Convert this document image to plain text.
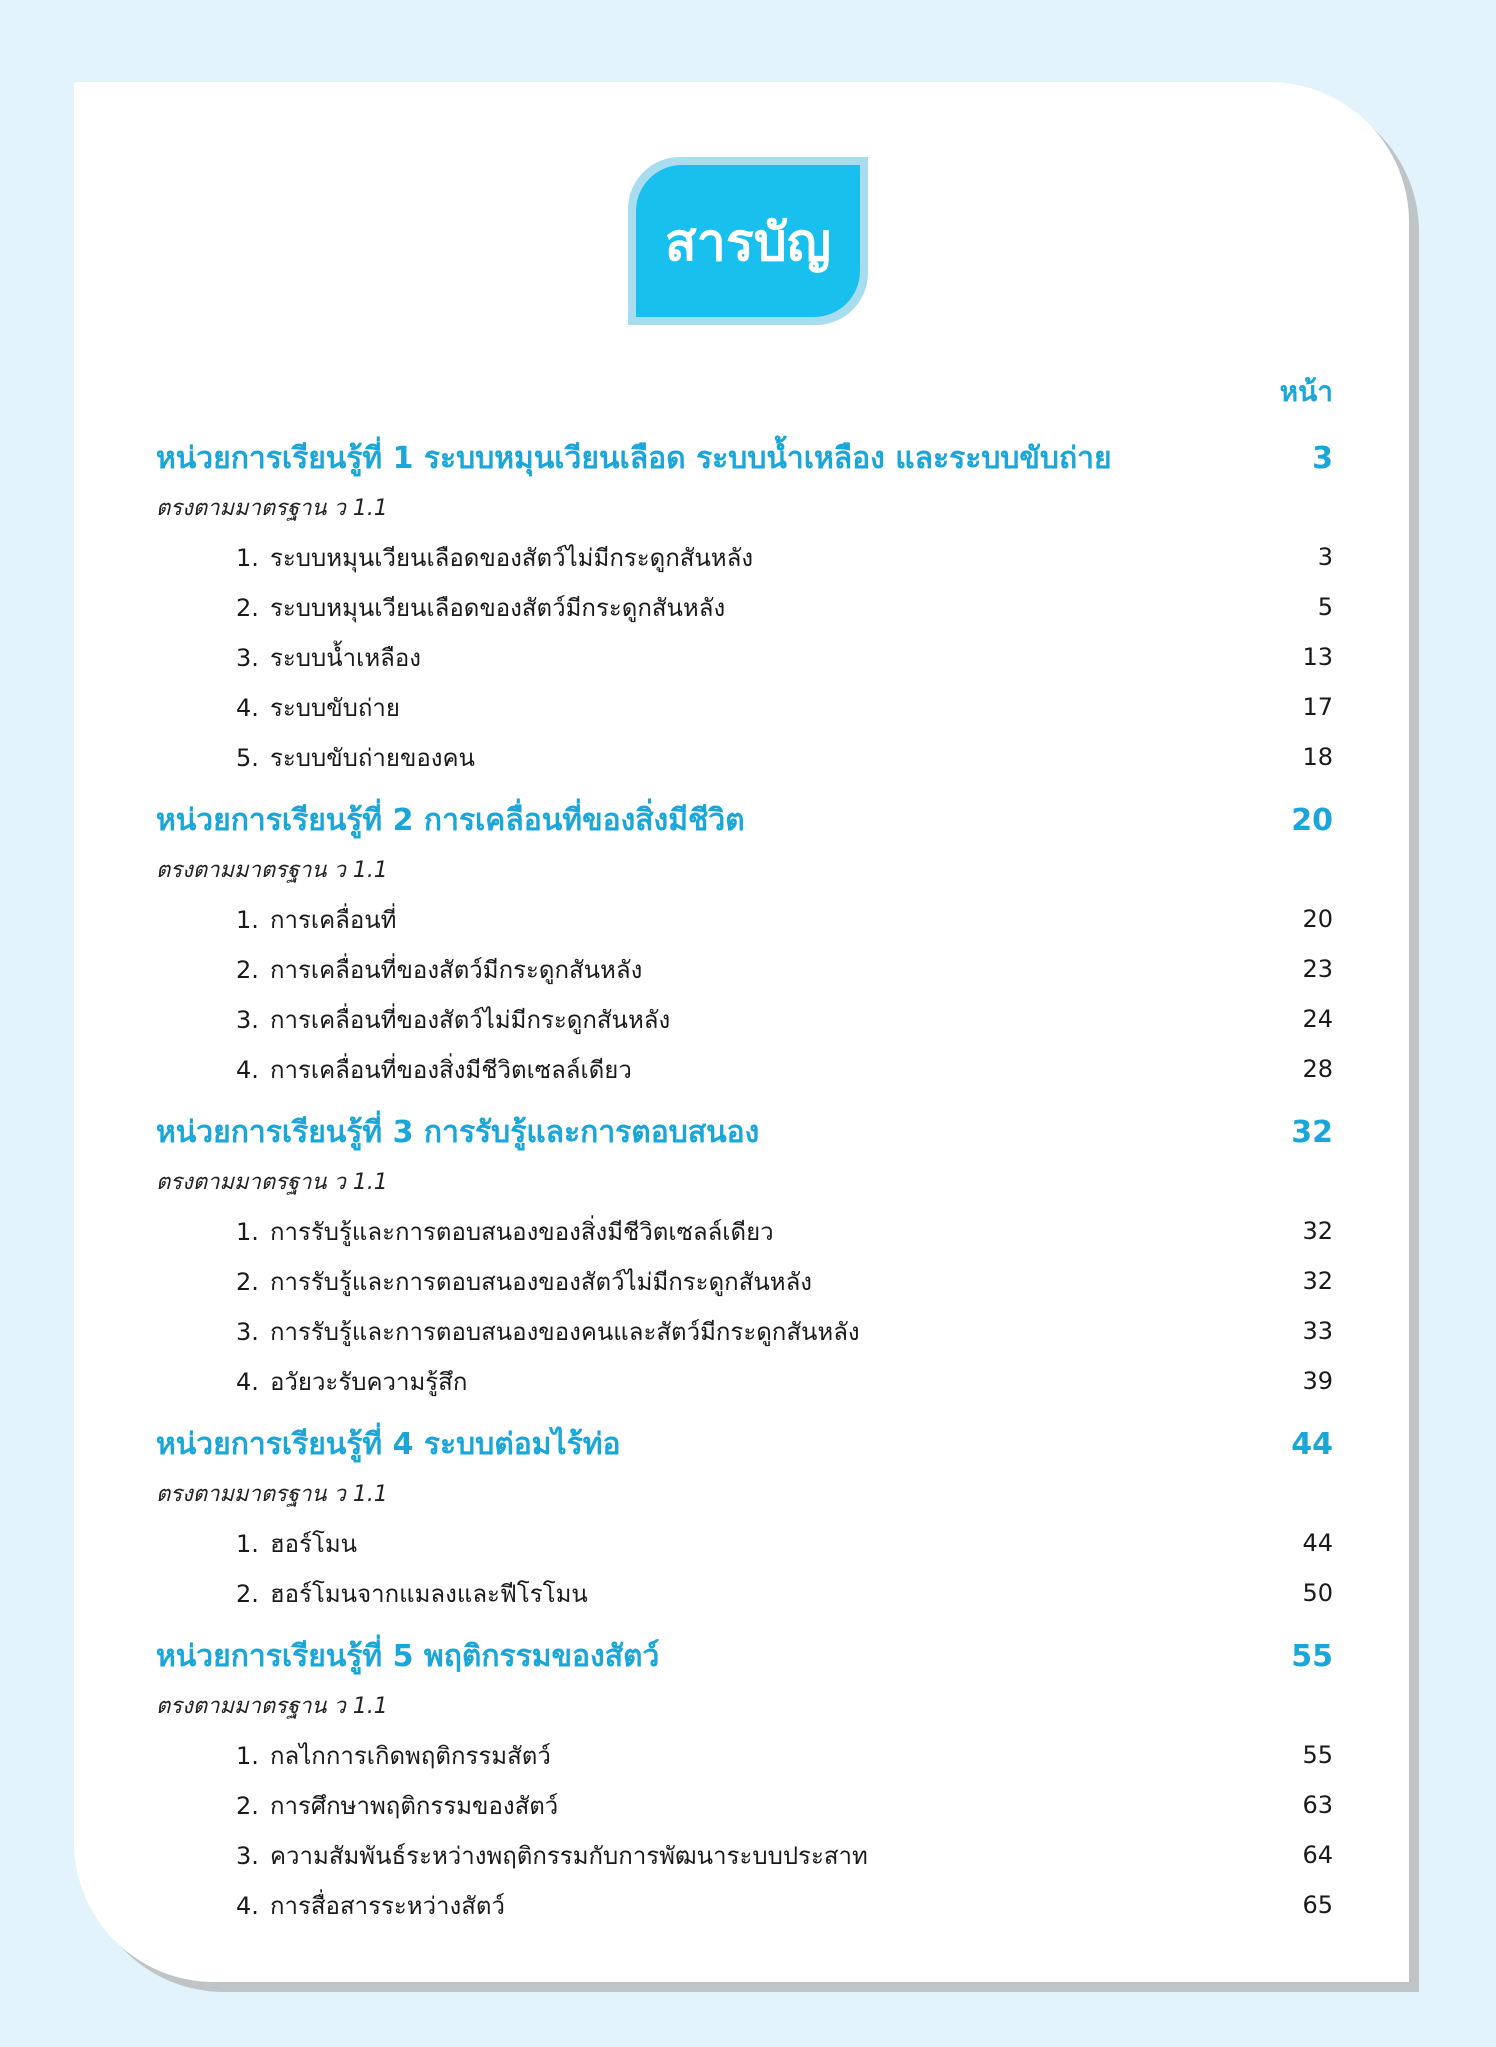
สารบัญ
หน้า
หน่วยการเรียนรู้ที่ 1 ระบบหมุนเวียนเลือด ระบบน้ำเหลือง และระบบขับถ่าย	3
ตรงตามมาตรฐาน ว 1.1
1. ระบบหมุนเวียนเลือดของสัตว์ไม่มีกระดูกสันหลัง	3
2. ระบบหมุนเวียนเลือดของสัตว์มีกระดูกสันหลัง	5
3. ระบบน้ำเหลือง	13
4. ระบบขับถ่าย	17
5. ระบบขับถ่ายของคน	18
หน่วยการเรียนรู้ที่ 2 การเคลื่อนที่ของสิ่งมีชีวิต	20
ตรงตามมาตรฐาน ว 1.1
1. การเคลื่อนที่	20
2. การเคลื่อนที่ของสัตว์มีกระดูกสันหลัง	23
3. การเคลื่อนที่ของสัตว์ไม่มีกระดูกสันหลัง	24
4. การเคลื่อนที่ของสิ่งมีชีวิตเซลล์เดียว	28
หน่วยการเรียนรู้ที่ 3 การรับรู้และการตอบสนอง	32
ตรงตามมาตรฐาน ว 1.1
1. การรับรู้และการตอบสนองของสิ่งมีชีวิตเซลล์เดียว	32
2. การรับรู้และการตอบสนองของสัตว์ไม่มีกระดูกสันหลัง	32
3. การรับรู้และการตอบสนองของคนและสัตว์มีกระดูกสันหลัง	33
4. อวัยวะรับความรู้สึก	39
หน่วยการเรียนรู้ที่ 4 ระบบต่อมไร้ท่อ	44
ตรงตามมาตรฐาน ว 1.1
1. ฮอร์โมน	44
2. ฮอร์โมนจากแมลงและฟีโรโมน	50
หน่วยการเรียนรู้ที่ 5 พฤติกรรมของสัตว์	55
ตรงตามมาตรฐาน ว 1.1
1. กลไกการเกิดพฤติกรรมสัตว์	55
2. การศึกษาพฤติกรรมของสัตว์	63
3. ความสัมพันธ์ระหว่างพฤติกรรมกับการพัฒนาระบบประสาท	64
4. การสื่อสารระหว่างสัตว์	65
